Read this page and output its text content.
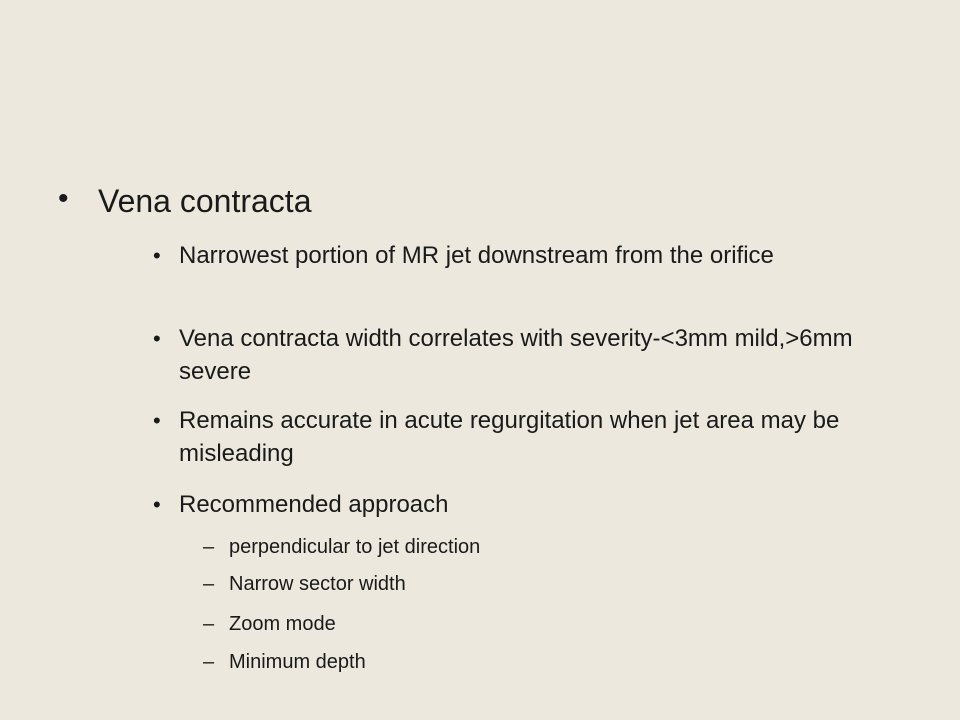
• Vena contracta
• Narrowest portion of MR jet downstream from the orifice
• Vena contracta width correlates with severity-<3mm mild,>6mm severe
• Remains accurate in acute regurgitation when jet area may be misleading
• Recommended approach
– perpendicular to jet direction
– Narrow sector width
– Zoom mode
– Minimum depth
